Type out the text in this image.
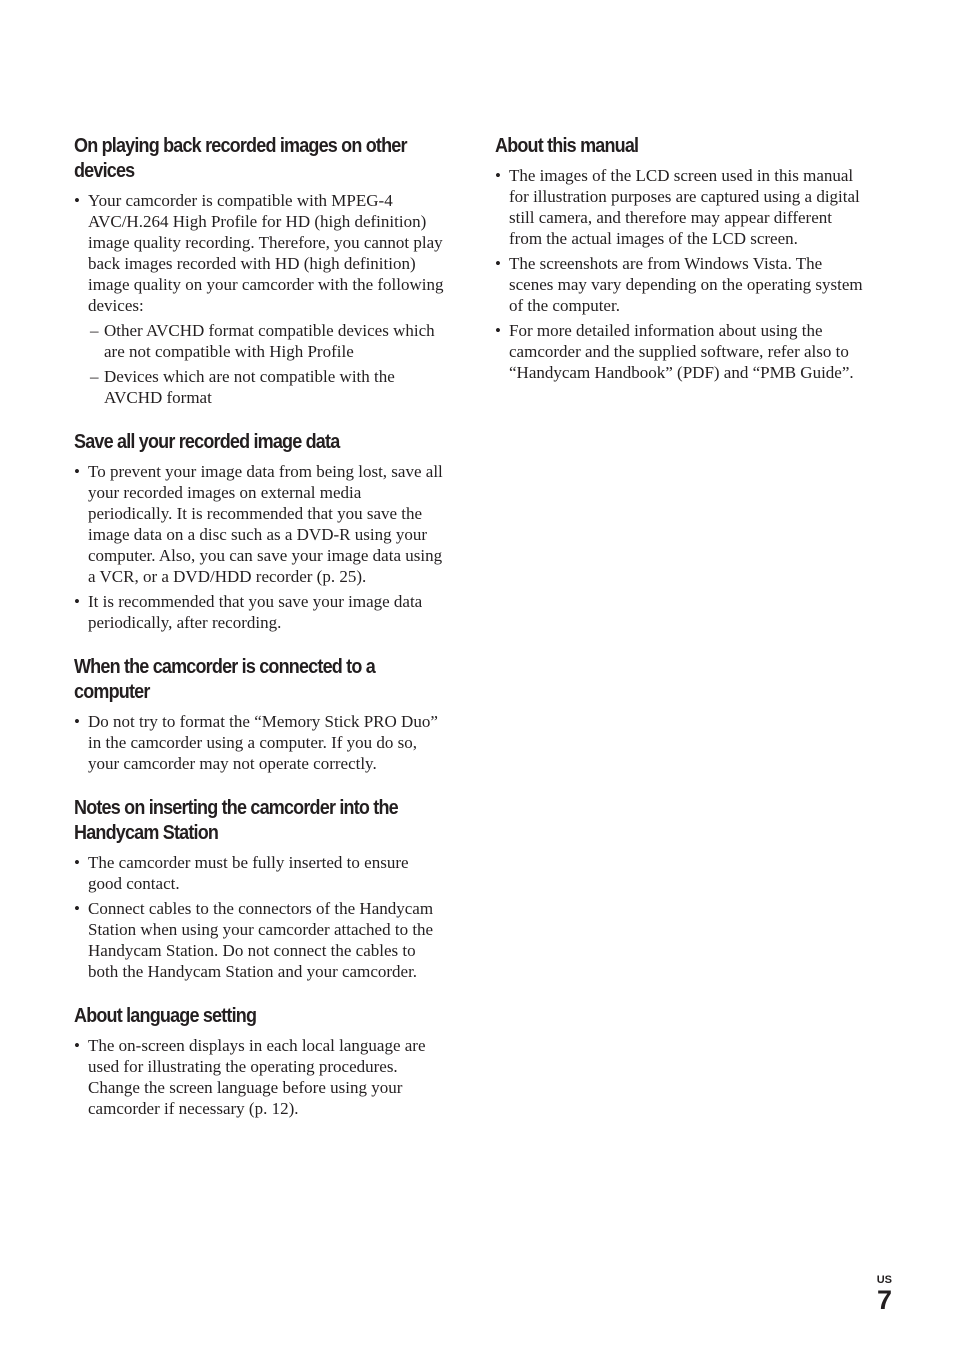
On playing back recorded images on other devices
• Your camcorder is compatible with MPEG-4 AVC/H.264 High Profile for HD (high definition) image quality recording. Therefore, you cannot play back images recorded with HD (high definition) image quality on your camcorder with the following devices:
– Other AVCHD format compatible devices which are not compatible with High Profile
– Devices which are not compatible with the AVCHD format
Save all your recorded image data
• To prevent your image data from being lost, save all your recorded images on external media periodically. It is recommended that you save the image data on a disc such as a DVD-R using your computer. Also, you can save your image data using a VCR, or a DVD/HDD recorder (p. 25).
• It is recommended that you save your image data periodically, after recording.
When the camcorder is connected to a computer
• Do not try to format the “Memory Stick PRO Duo” in the camcorder using a computer. If you do so, your camcorder may not operate correctly.
Notes on inserting the camcorder into the Handycam Station
• The camcorder must be fully inserted to ensure good contact.
• Connect cables to the connectors of the Handycam Station when using your camcorder attached to the Handycam Station. Do not connect the cables to both the Handycam Station and your camcorder.
About language setting
• The on-screen displays in each local language are used for illustrating the operating procedures. Change the screen language before using your camcorder if necessary (p. 12).
About this manual
• The images of the LCD screen used in this manual for illustration purposes are captured using a digital still camera, and therefore may appear different from the actual images of the LCD screen.
• The screenshots are from Windows Vista. The scenes may vary depending on the operating system of the computer.
• For more detailed information about using the camcorder and the supplied software, refer also to “Handycam Handbook” (PDF) and “PMB Guide”.
US
7
